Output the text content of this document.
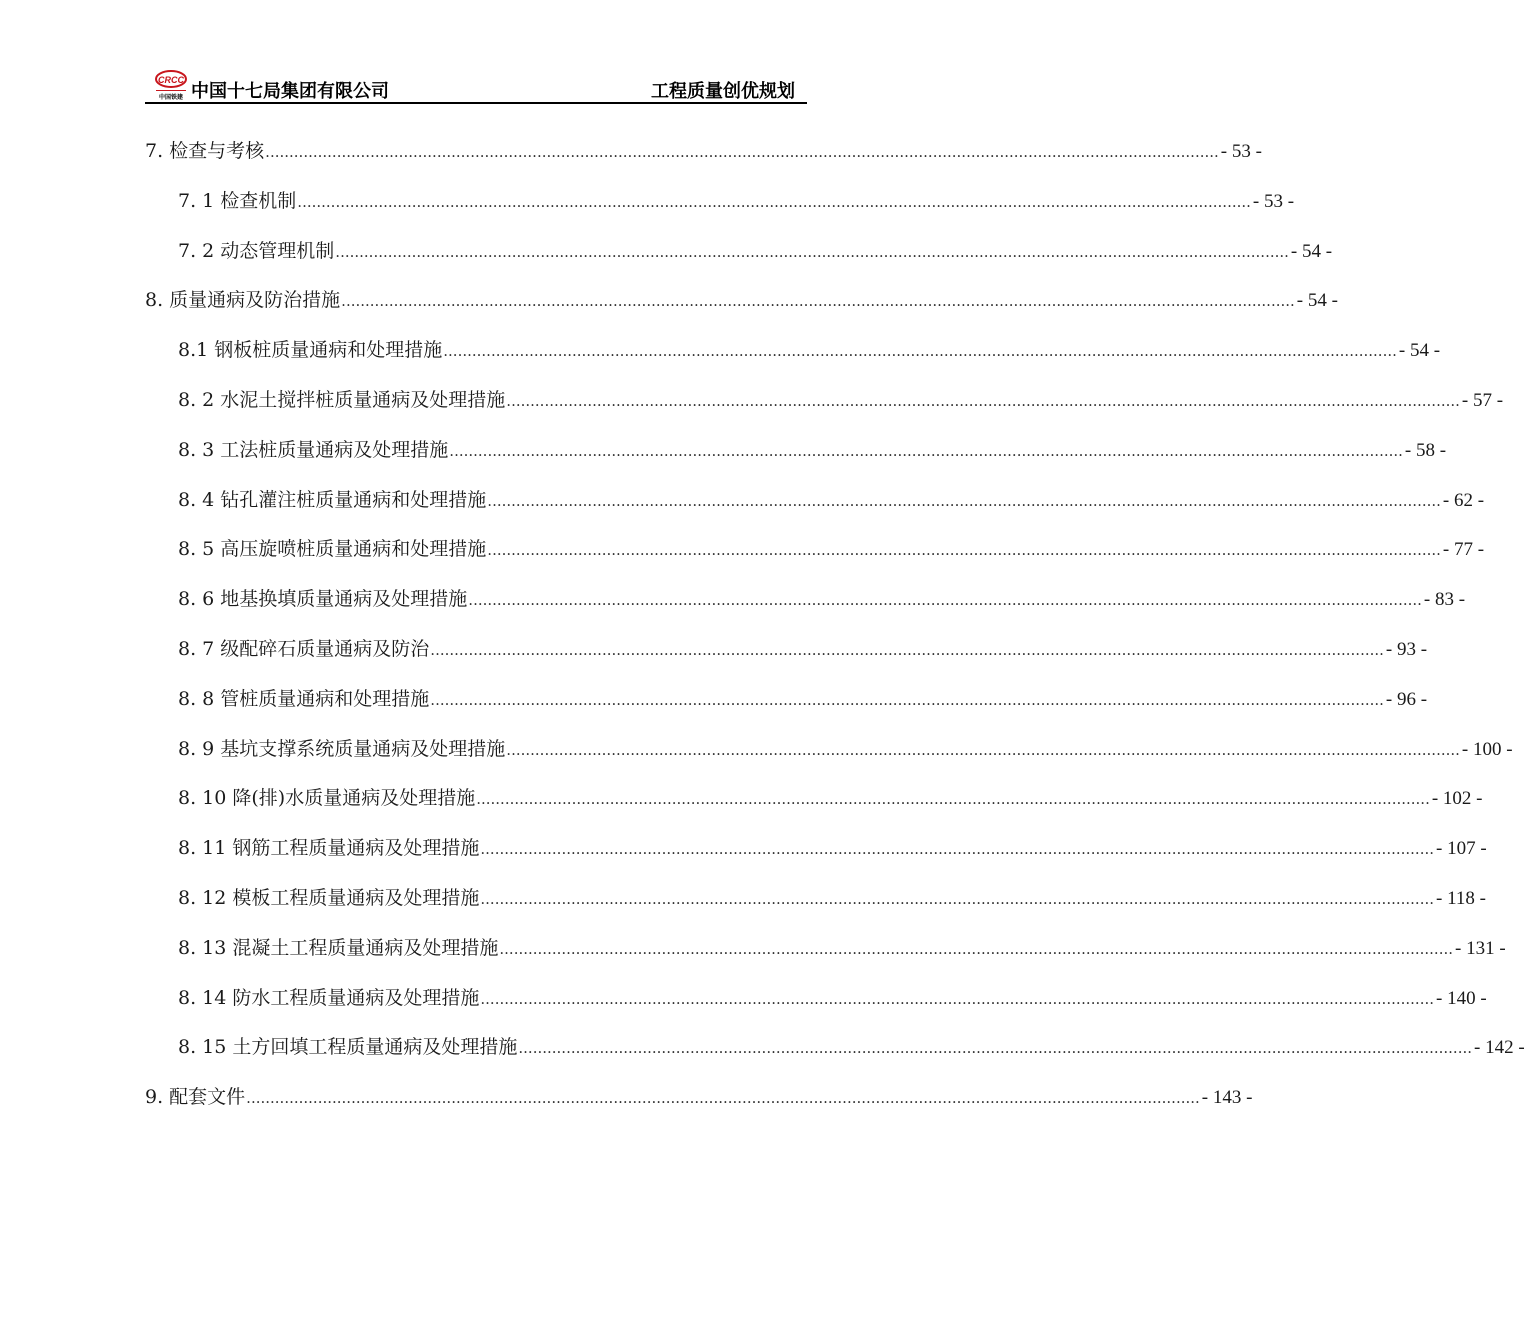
CRCC
中国铁建 中国十七局集团有限公司	工程质量创优规划
7. 检查与考核 ........................................................................................................................................................................................................ - 53 -
7. 1 检查机制 ........................................................................................................................................................................................................ - 53 -
7. 2 动态管理机制 ........................................................................................................................................................................................................ - 54 -
8. 质量通病及防治措施 ........................................................................................................................................................................................................ - 54 -
8.1 钢板桩质量通病和处理措施 ........................................................................................................................................................................................................ - 54 -
8. 2 水泥土搅拌桩质量通病及处理措施 ........................................................................................................................................................................................................ - 57 -
8. 3 工法桩质量通病及处理措施 ........................................................................................................................................................................................................ - 58 -
8. 4 钻孔灌注桩质量通病和处理措施 ........................................................................................................................................................................................................ - 62 -
8. 5 高压旋喷桩质量通病和处理措施 ........................................................................................................................................................................................................ - 77 -
8. 6 地基换填质量通病及处理措施 ........................................................................................................................................................................................................ - 83 -
8. 7 级配碎石质量通病及防治 ........................................................................................................................................................................................................ - 93 -
8. 8 管桩质量通病和处理措施 ........................................................................................................................................................................................................ - 96 -
8. 9 基坑支撑系统质量通病及处理措施 ........................................................................................................................................................................................................ - 100 -
8. 10 降(排)水质量通病及处理措施 ........................................................................................................................................................................................................ - 102 -
8. 11 钢筋工程质量通病及处理措施 ........................................................................................................................................................................................................ - 107 -
8. 12 模板工程质量通病及处理措施 ........................................................................................................................................................................................................ - 118 -
8. 13 混凝土工程质量通病及处理措施 ........................................................................................................................................................................................................ - 131 -
8. 14 防水工程质量通病及处理措施 ........................................................................................................................................................................................................ - 140 -
8. 15 土方回填工程质量通病及处理措施 ........................................................................................................................................................................................................ - 142 -
9. 配套文件 ........................................................................................................................................................................................................ - 143 -
